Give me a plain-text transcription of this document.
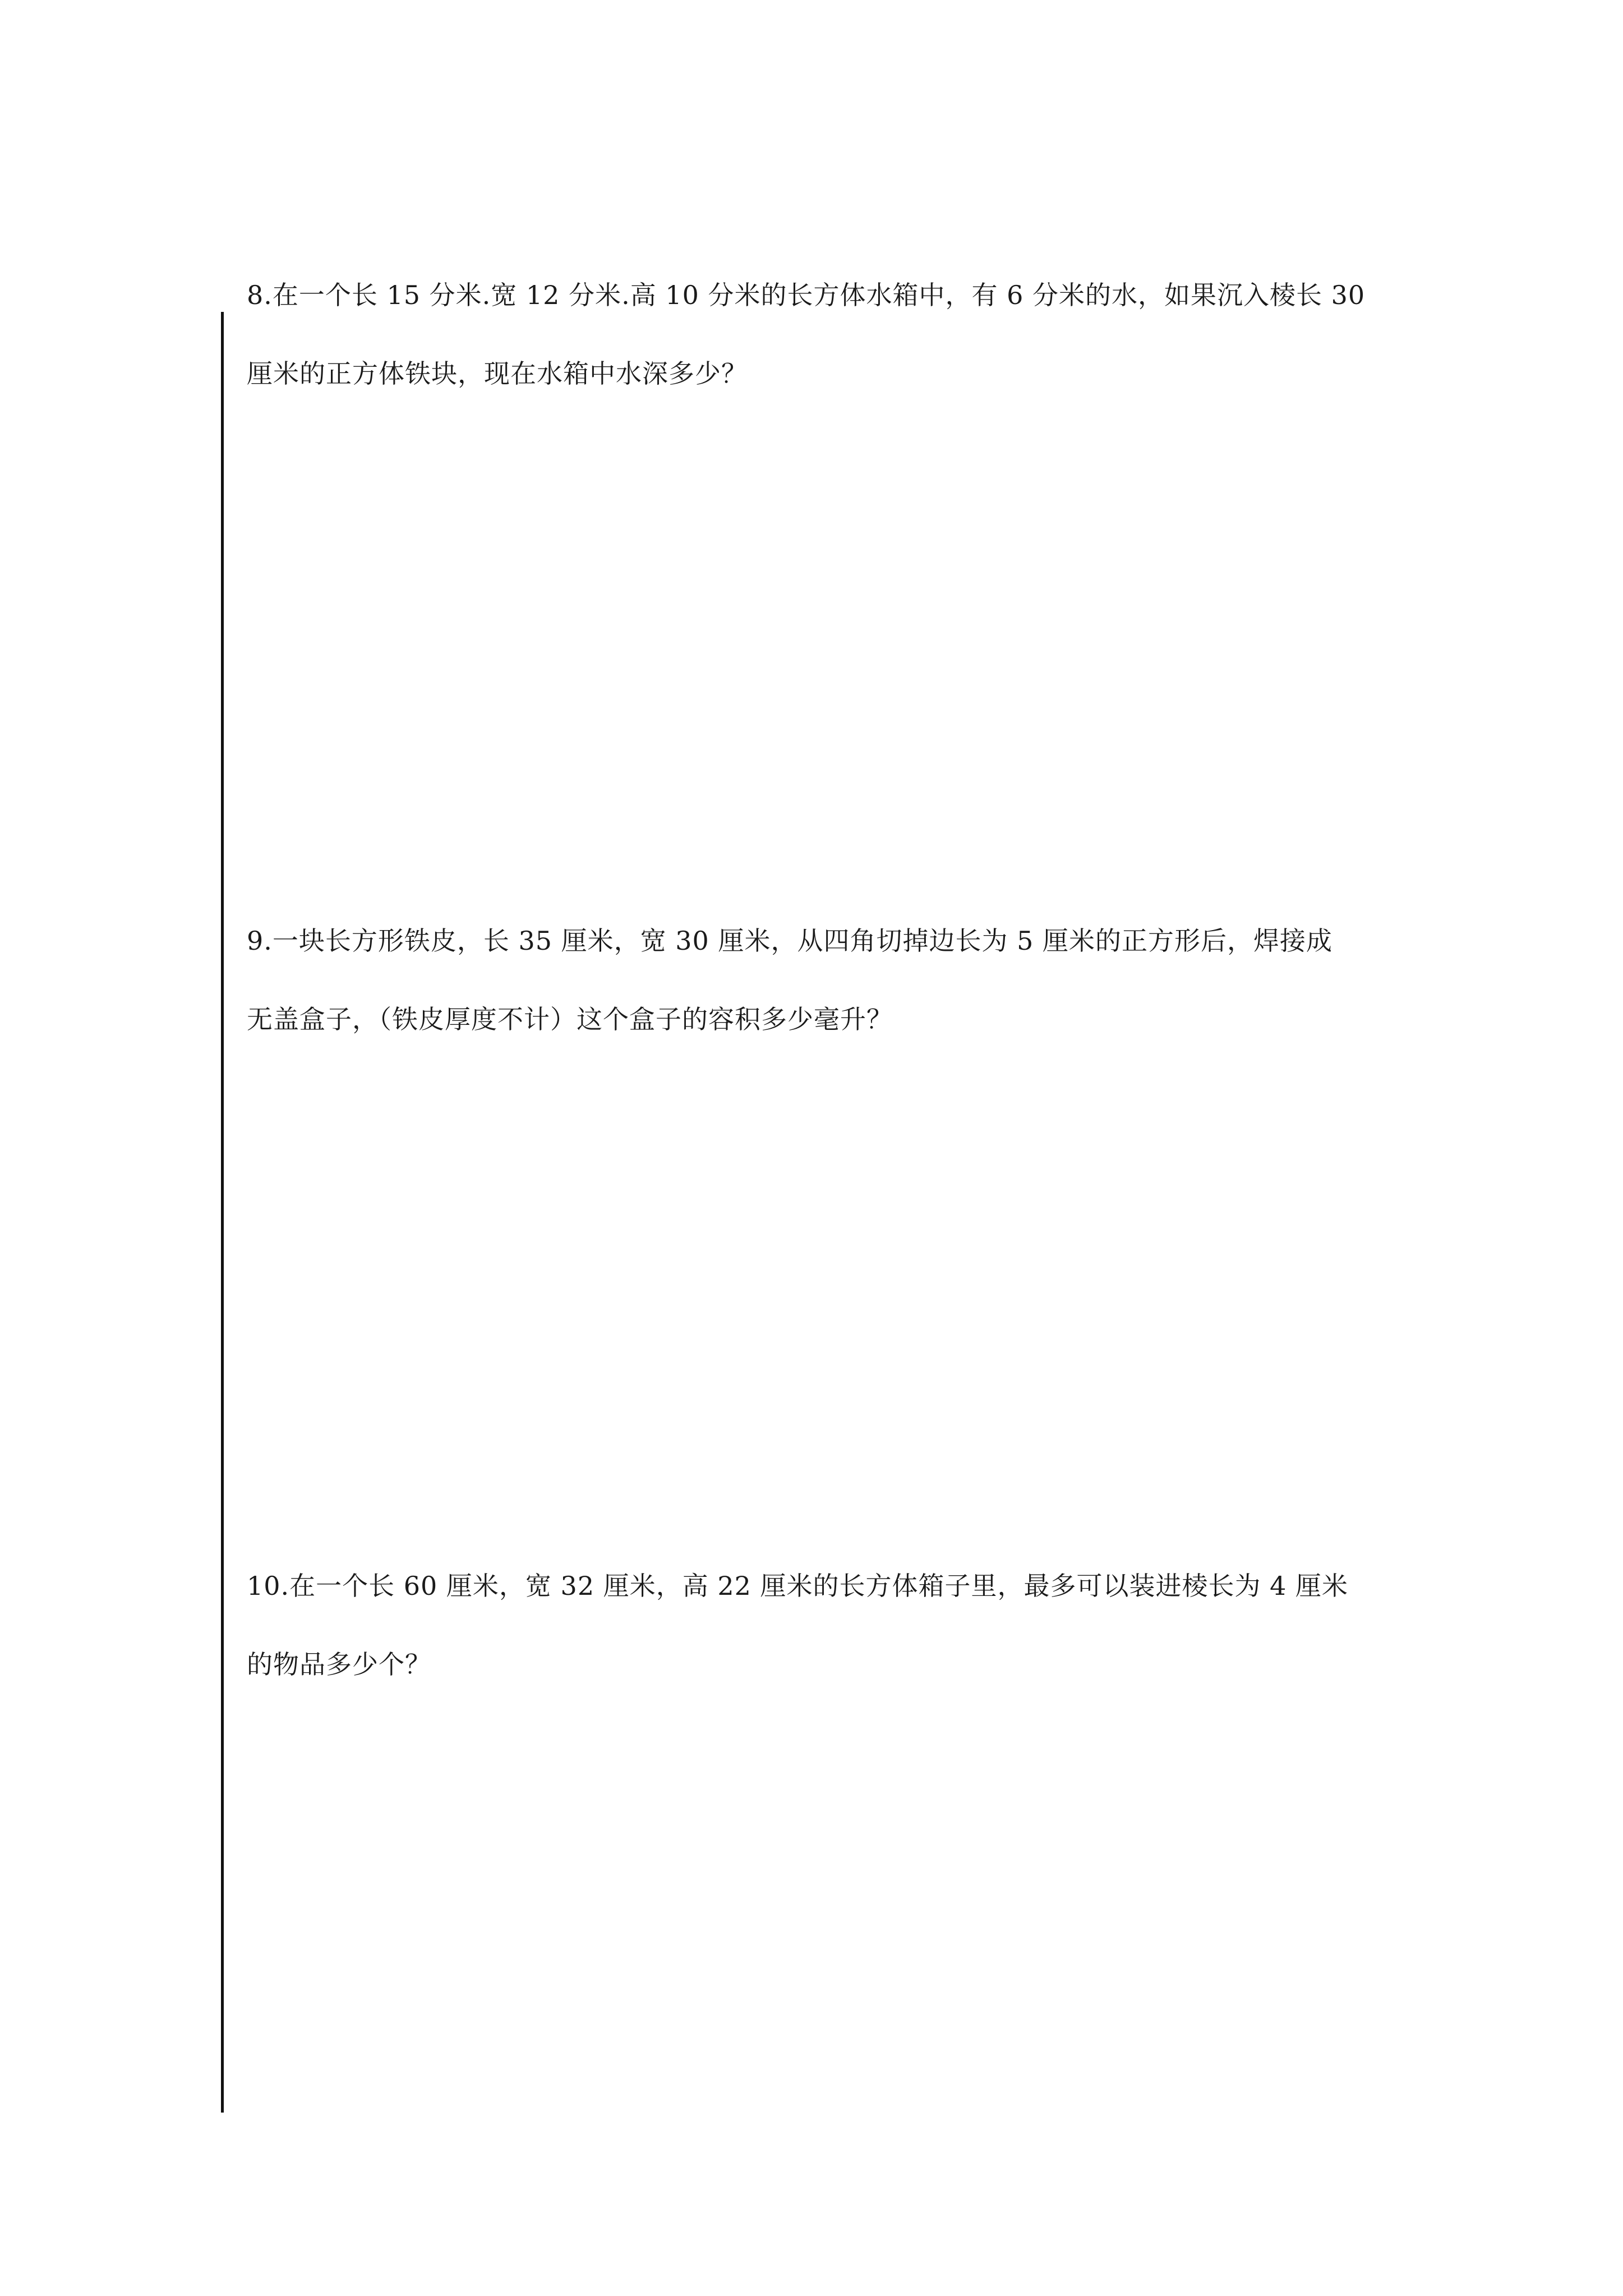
8.在一个长 15 分米.宽 12 分米.高 10 分米的长方体水箱中，有 6 分米的水，如果沉入棱长 30
厘米的正方体铁块，现在水箱中水深多少？
9.一块长方形铁皮，长 35 厘米，宽 30 厘米，从四角切掉边长为 5 厘米的正方形后，焊接成
无盖盒子，（铁皮厚度不计）这个盒子的容积多少毫升？
10.在一个长 60 厘米，宽 32 厘米，高 22 厘米的长方体箱子里，最多可以装进棱长为 4 厘米
的物品多少个？
